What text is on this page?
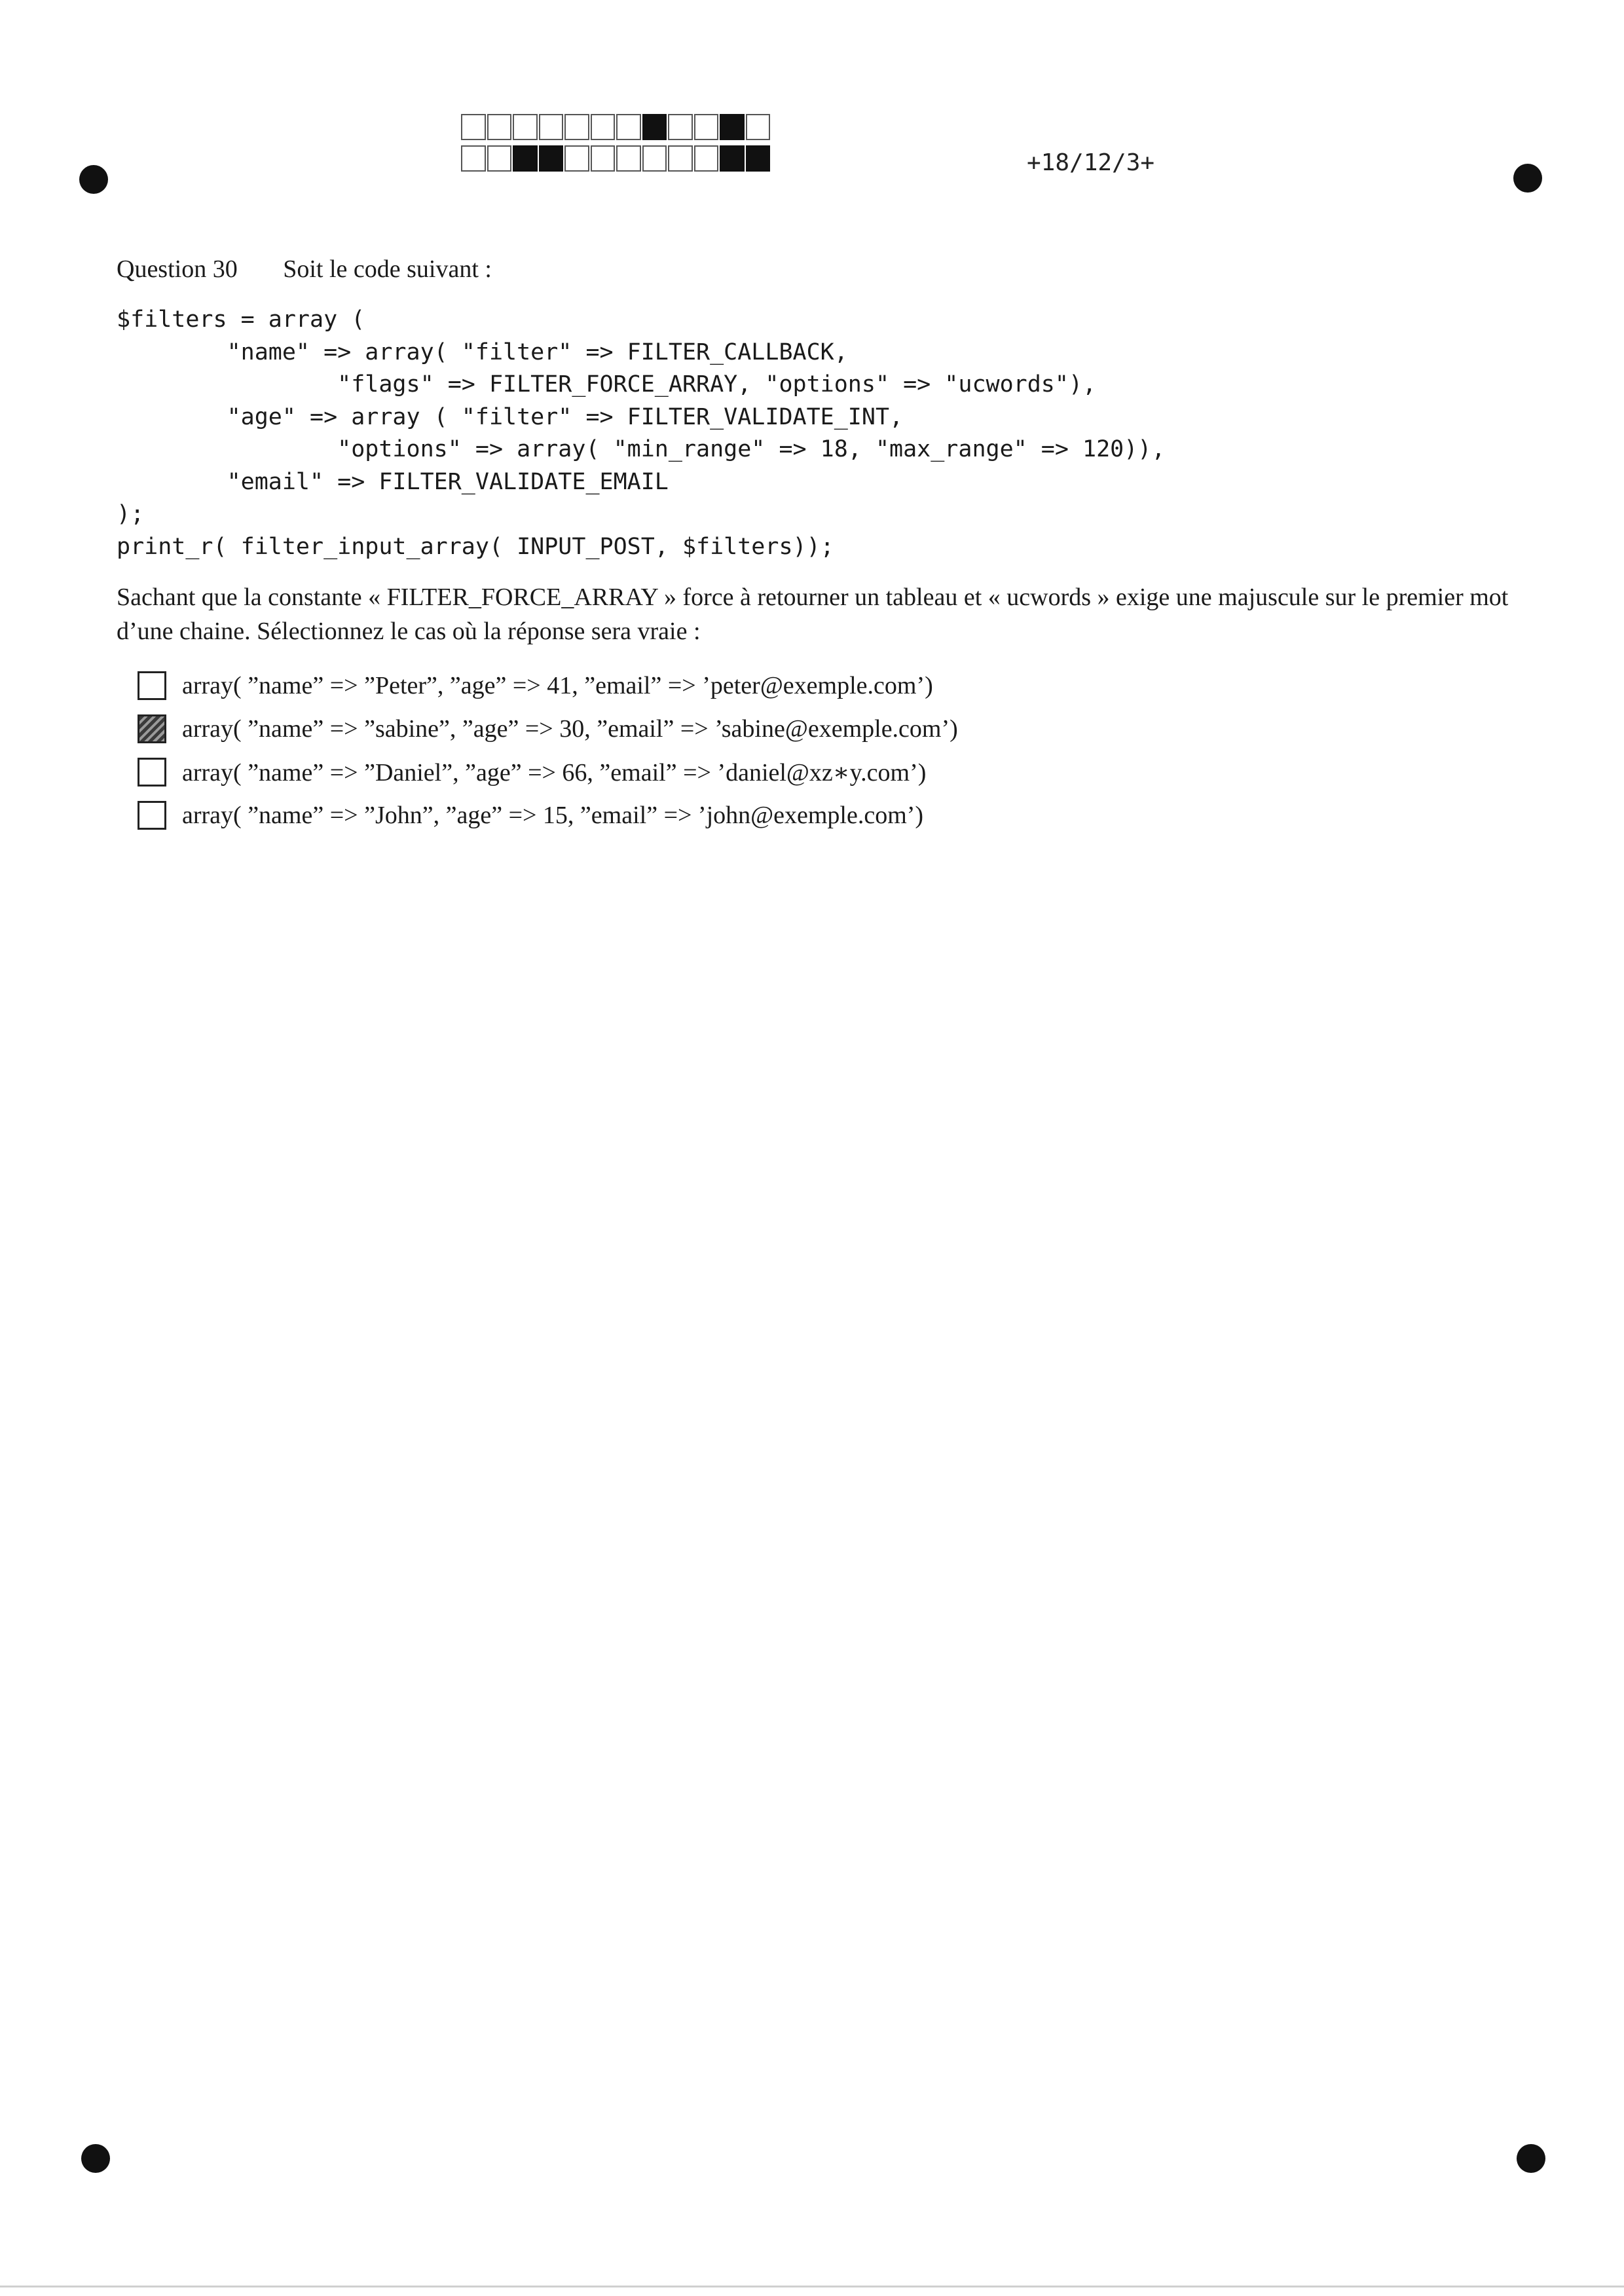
+18/12/3+
Question 30 Soit le code suivant :
$filters = array (
"name" => array( "filter" => FILTER_CALLBACK,
"flags" => FILTER_FORCE_ARRAY, "options" => "ucwords"),
"age" => array ( "filter" => FILTER_VALIDATE_INT,
"options" => array( "min_range" => 18, "max_range" => 120)),
"email" => FILTER_VALIDATE_EMAIL
);
print_r( filter_input_array( INPUT_POST, $filters));
Sachant que la constante « FILTER_FORCE_ARRAY » force à retourner un tableau et « ucwords » exige une majuscule sur le premier mot d’une chaine. Sélectionnez le cas où la réponse sera vraie :
array( ”name” => ”Peter”, ”age” => 41, ”email” => ’peter@exemple.com’)
array( ”name” => ”sabine”, ”age” => 30, ”email” => ’sabine@exemple.com’)
array( ”name” => ”Daniel”, ”age” => 66, ”email” => ’daniel@xz∗y.com’)
array( ”name” => ”John”, ”age” => 15, ”email” => ’john@exemple.com’)
